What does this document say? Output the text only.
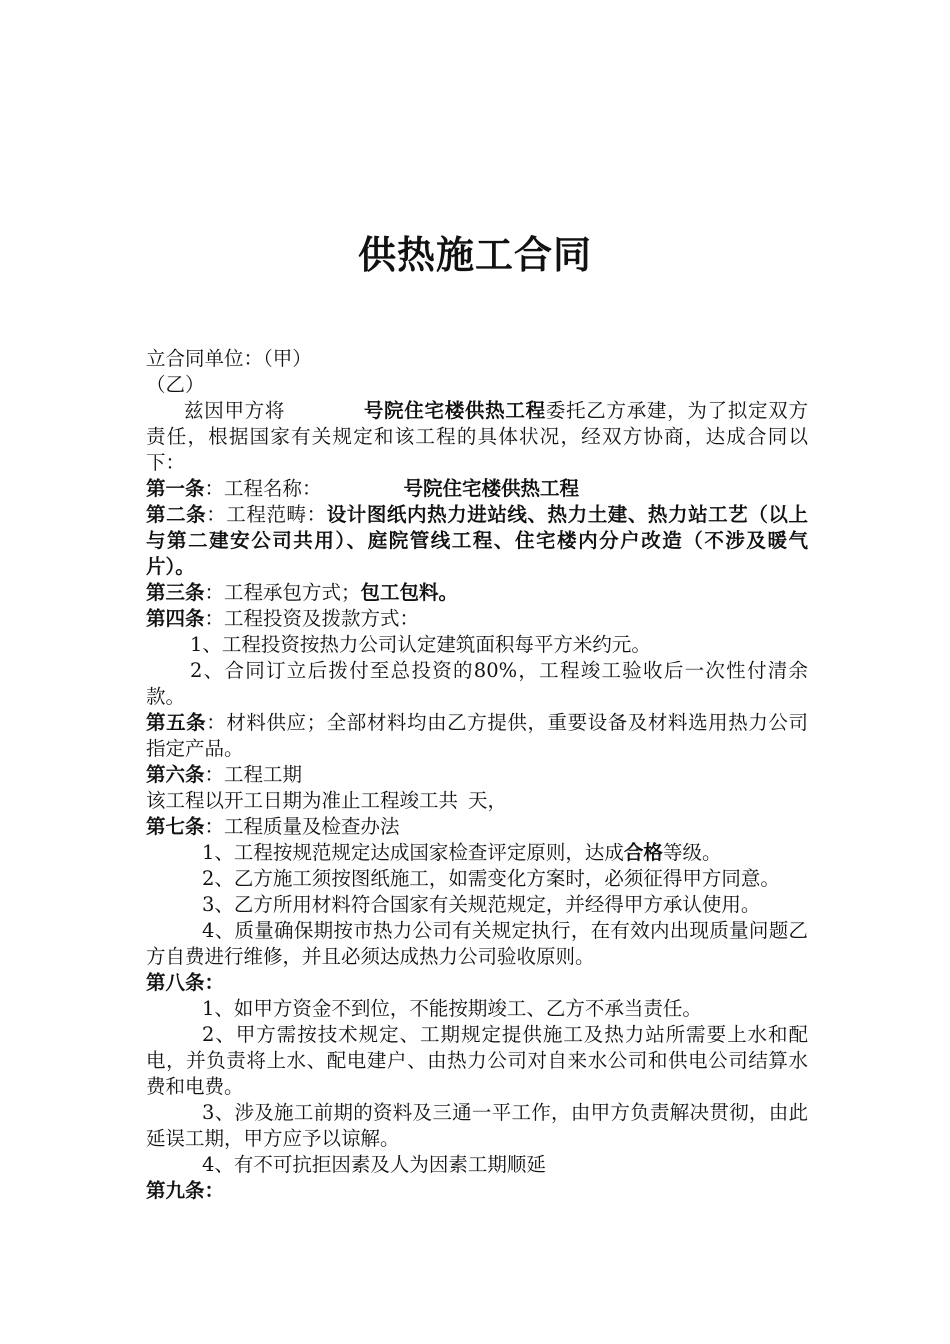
供热施工合同

立合同单位：（甲）

（乙）

兹因甲方将	号院住宅楼供热工程委托乙方承建，为了拟定双方责任，根据国家有关规定和该工程的具体状况，经双方协商，达成合同以下：

第一条：工程名称：	号院住宅楼供热工程

第二条：工程范畴：设计图纸内热力进站线、热力土建、热力站工艺（以上与第二建安公司共用）、庭院管线工程、住宅楼内分户改造（不涉及暖气片）。

第三条：工程承包方式；包工包料。

第四条：工程投资及拨款方式：

1、工程投资按热力公司认定建筑面积每平方米约元。

2、合同订立后拨付至总投资的80%，工程竣工验收后一次性付清余款。

第五条：材料供应；全部材料均由乙方提供，重要设备及材料选用热力公司指定产品。

第六条：工程工期

该工程以开工日期为准止工程竣工共 天，

第七条：工程质量及检查办法

1、工程按规范规定达成国家检查评定原则，达成合格等级。

2、乙方施工须按图纸施工，如需变化方案时，必须征得甲方同意。

3、乙方所用材料符合国家有关规范规定，并经得甲方承认使用。

4、质量确保期按市热力公司有关规定执行，在有效内出现质量问题乙方自费进行维修，并且必须达成热力公司验收原则。

第八条：

1、如甲方资金不到位，不能按期竣工、乙方不承当责任。

2、甲方需按技术规定、工期规定提供施工及热力站所需要上水和配电，并负责将上水、配电建户、由热力公司对自来水公司和供电公司结算水费和电费。

3、涉及施工前期的资料及三通一平工作，由甲方负责解决贯彻，由此延误工期，甲方应予以谅解。

4、有不可抗拒因素及人为因素工期顺延

第九条：
